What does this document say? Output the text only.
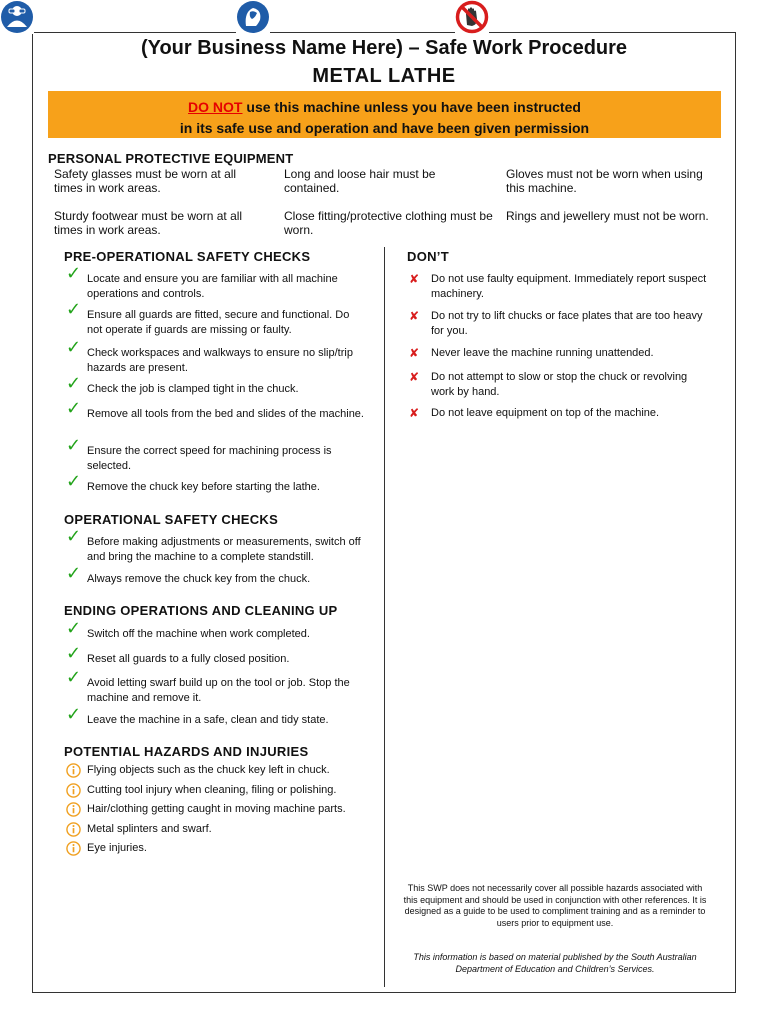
(Your Business Name Here) – Safe Work Procedure
METAL LATHE
DO NOT use this machine unless you have been instructed
in its safe use and operation and have been given permission
PERSONAL PROTECTIVE EQUIPMENT
Safety glasses must be worn at all times in work areas.
Long and loose hair must be contained.
Gloves must not be worn when using this machine.
Sturdy footwear must be worn at all times in work areas.
Close fitting/protective clothing must be worn.
Rings and jewellery must not be worn.
PRE-OPERATIONAL SAFETY CHECKS
✓ Locate and ensure you are familiar with all machine operations and controls.
✓ Ensure all guards are fitted, secure and functional. Do not operate if guards are missing or faulty.
✓ Check workspaces and walkways to ensure no slip/trip hazards are present.
✓ Check the job is clamped tight in the chuck.
✓ Remove all tools from the bed and slides of the machine.
✓ Ensure the correct speed for machining process is selected.
✓ Remove the chuck key before starting the lathe.
OPERATIONAL SAFETY CHECKS
✓ Before making adjustments or measurements, switch off and bring the machine to a complete standstill.
✓ Always remove the chuck key from the chuck.
ENDING OPERATIONS AND CLEANING UP
✓ Switch off the machine when work completed.
✓ Reset all guards to a fully closed position.
✓ Avoid letting swarf build up on the tool or job. Stop the machine and remove it.
✓ Leave the machine in a safe, clean and tidy state.
POTENTIAL HAZARDS AND INJURIES
Flying objects such as the chuck key left in chuck.
Cutting tool injury when cleaning, filing or polishing.
Hair/clothing getting caught in moving machine parts.
Metal splinters and swarf.
Eye injuries.
DON’T
✘	Do not use faulty equipment. Immediately report suspect machinery.
✘	Do not try to lift chucks or face plates that are too heavy for you.
✘	Never leave the machine running unattended.
✘	Do not attempt to slow or stop the chuck or revolving work by hand.
✘	Do not leave equipment on top of the machine.
This SWP does not necessarily cover all possible hazards associated with this equipment and should be used in conjunction with other references. It is designed as a guide to be used to compliment training and as a reminder to users prior to equipment use.
This information is based on material published by the South Australian Department of Education and Children’s Services.
